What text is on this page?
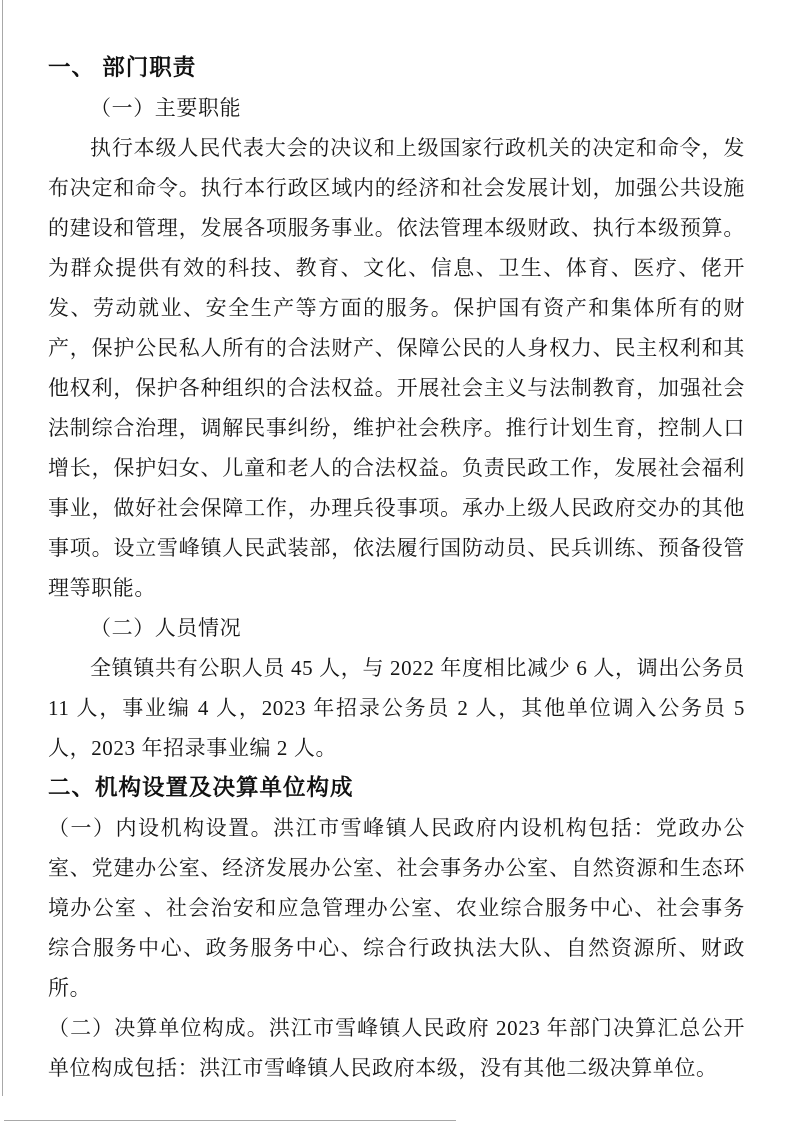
一、 部门职责

（一）主要职能

执行本级人民代表大会的决议和上级国家行政机关的决定和命令，发布决定和命令。执行本行政区域内的经济和社会发展计划，加强公共设施的建设和管理，发展各项服务事业。依法管理本级财政、执行本级预算。为群众提供有效的科技、教育、文化、信息、卫生、体育、医疗、佬开发、劳动就业、安全生产等方面的服务。保护国有资产和集体所有的财产，保护公民私人所有的合法财产、保障公民的人身权力、民主权利和其他权利，保护各种组织的合法权益。开展社会主义与法制教育，加强社会法制综合治理，调解民事纠纷，维护社会秩序。推行计划生育，控制人口增长，保护妇女、儿童和老人的合法权益。负责民政工作，发展社会福利事业，做好社会保障工作，办理兵役事项。承办上级人民政府交办的其他事项。设立雪峰镇人民武装部，依法履行国防动员、民兵训练、预备役管理等职能。

（二）人员情况

全镇镇共有公职人员 45 人，与 2022 年度相比减少 6 人，调出公务员 11 人，事业编 4 人，2023 年招录公务员 2 人，其他单位调入公务员 5 人，2023 年招录事业编 2 人。

二、机构设置及决算单位构成

（一）内设机构设置。洪江市雪峰镇人民政府内设机构包括：党政办公室、党建办公室、经济发展办公室、社会事务办公室、自然资源和生态环境办公室 、社会治安和应急管理办公室、农业综合服务中心、社会事务综合服务中心、政务服务中心、综合行政执法大队、自然资源所、财政所。

（二）决算单位构成。洪江市雪峰镇人民政府 2023 年部门决算汇总公开单位构成包括：洪江市雪峰镇人民政府本级，没有其他二级决算单位。
